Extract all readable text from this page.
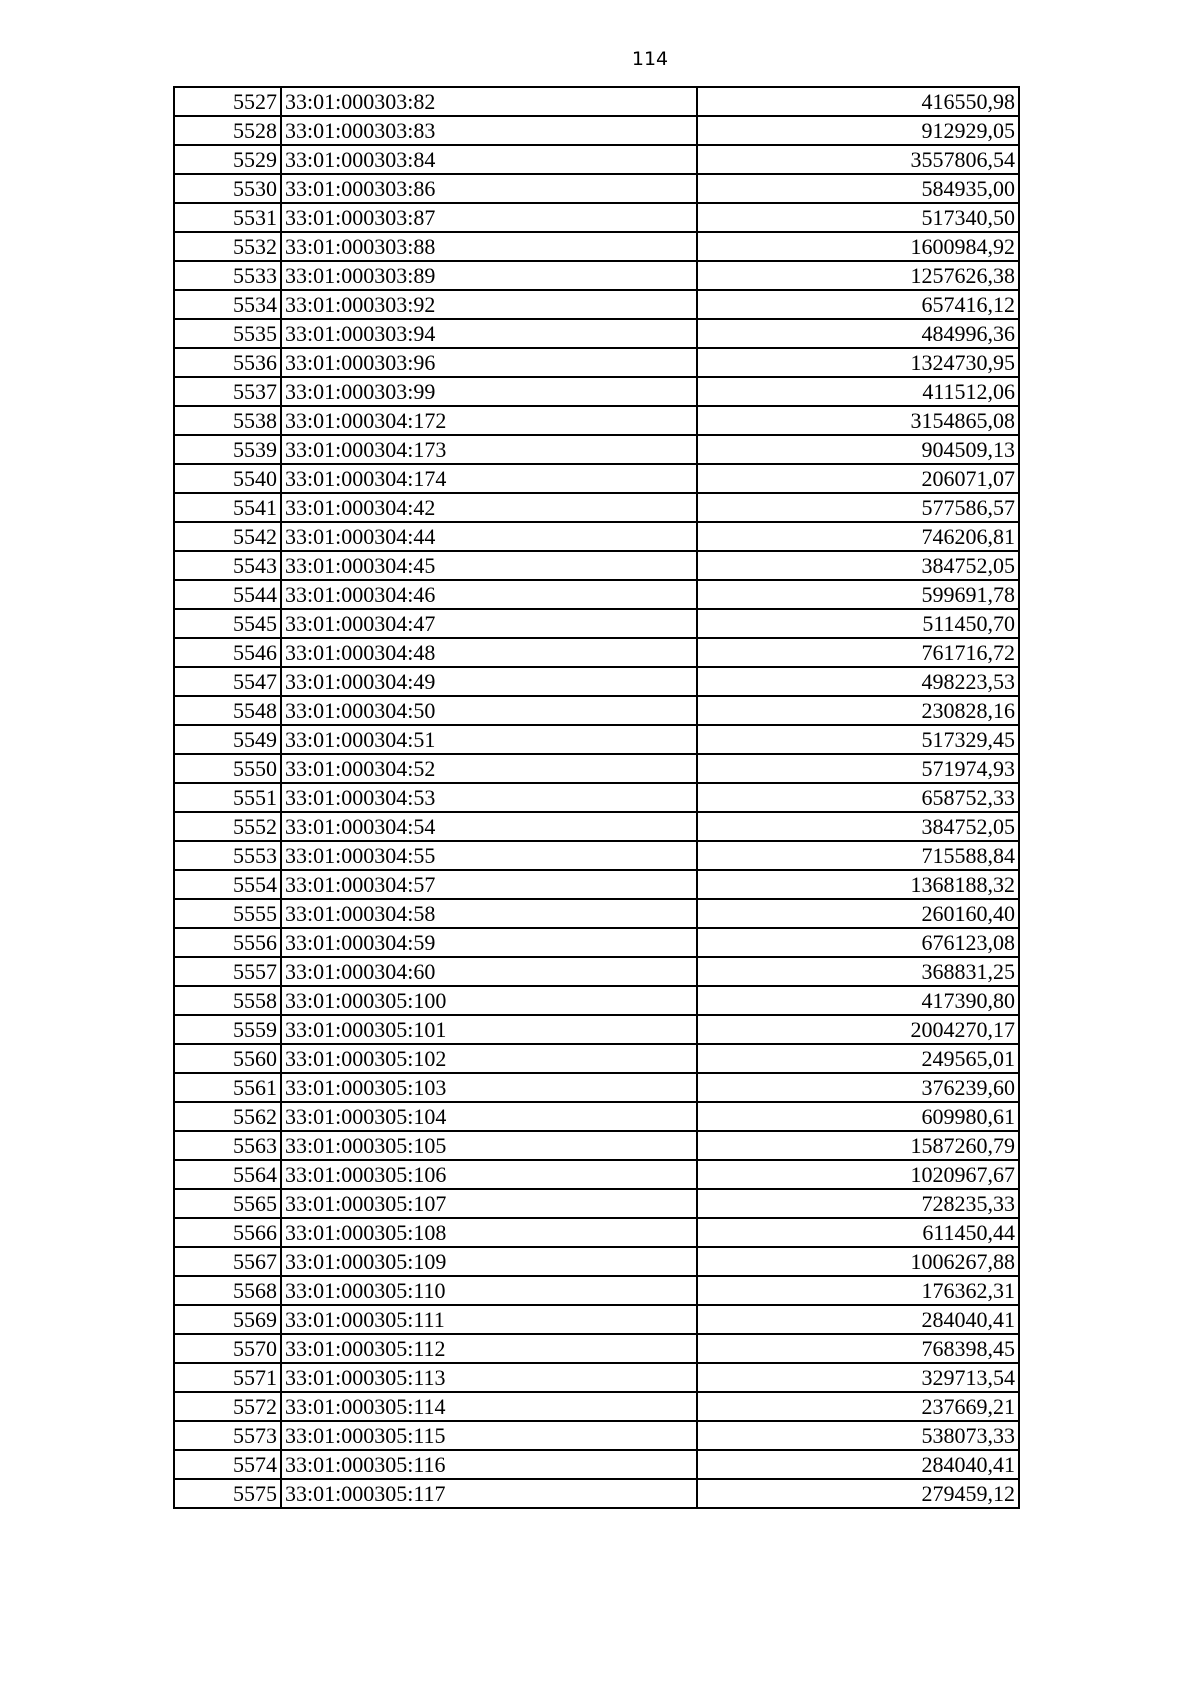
114
5527	33:01:000303:82	416550,98
5528	33:01:000303:83	912929,05
5529	33:01:000303:84	3557806,54
5530	33:01:000303:86	584935,00
5531	33:01:000303:87	517340,50
5532	33:01:000303:88	1600984,92
5533	33:01:000303:89	1257626,38
5534	33:01:000303:92	657416,12
5535	33:01:000303:94	484996,36
5536	33:01:000303:96	1324730,95
5537	33:01:000303:99	411512,06
5538	33:01:000304:172	3154865,08
5539	33:01:000304:173	904509,13
5540	33:01:000304:174	206071,07
5541	33:01:000304:42	577586,57
5542	33:01:000304:44	746206,81
5543	33:01:000304:45	384752,05
5544	33:01:000304:46	599691,78
5545	33:01:000304:47	511450,70
5546	33:01:000304:48	761716,72
5547	33:01:000304:49	498223,53
5548	33:01:000304:50	230828,16
5549	33:01:000304:51	517329,45
5550	33:01:000304:52	571974,93
5551	33:01:000304:53	658752,33
5552	33:01:000304:54	384752,05
5553	33:01:000304:55	715588,84
5554	33:01:000304:57	1368188,32
5555	33:01:000304:58	260160,40
5556	33:01:000304:59	676123,08
5557	33:01:000304:60	368831,25
5558	33:01:000305:100	417390,80
5559	33:01:000305:101	2004270,17
5560	33:01:000305:102	249565,01
5561	33:01:000305:103	376239,60
5562	33:01:000305:104	609980,61
5563	33:01:000305:105	1587260,79
5564	33:01:000305:106	1020967,67
5565	33:01:000305:107	728235,33
5566	33:01:000305:108	611450,44
5567	33:01:000305:109	1006267,88
5568	33:01:000305:110	176362,31
5569	33:01:000305:111	284040,41
5570	33:01:000305:112	768398,45
5571	33:01:000305:113	329713,54
5572	33:01:000305:114	237669,21
5573	33:01:000305:115	538073,33
5574	33:01:000305:116	284040,41
5575	33:01:000305:117	279459,12
